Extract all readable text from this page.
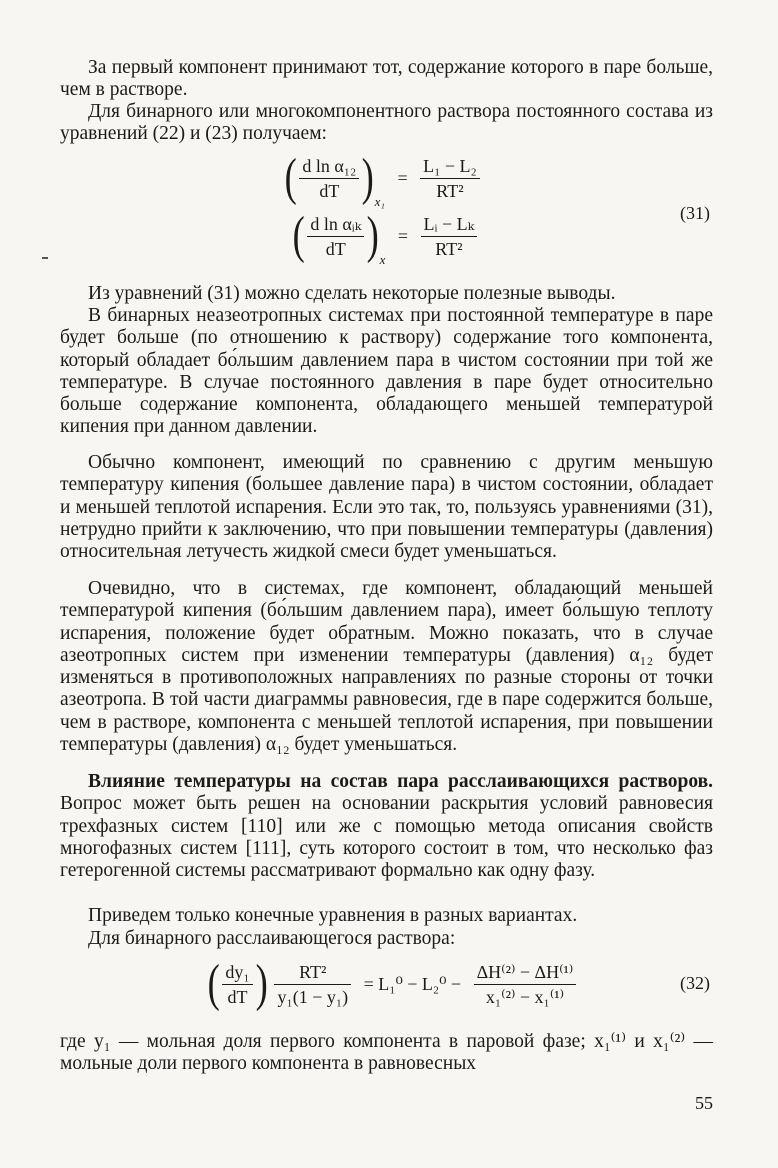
За первый компонент принимают тот, содержание которого в паре больше, чем в растворе.

Для бинарного или многокомпонентного раствора постоянного состава из уравнений (22) и (23) получаем:

( $\frac{\text{d ln α₁₂}}{dT} )_{x_1} = \frac{\text{L₁ − L₂}}{\text{RT²}}$
( $\frac{\text{d ln αᵢₖ}}{dT} )_x = \frac{\text{Lᵢ − Lₖ}}{\text{RT²}}$	(31)

Из уравнений (31) можно сделать некоторые полезные выводы.

В бинарных неазеотропных системах при постоянной температуре в паре будет больше (по отношению к раствору) содержание того компонента, который обладает бо́льшим давлением пара в чистом состоянии при той же температуре. В случае постоянного давления в паре будет относительно больше содержание компонента, обладающего меньшей температурой кипения при данном давлении.

Обычно компонент, имеющий по сравнению с другим меньшую температуру кипения (большее давление пара) в чистом состоянии, обладает и меньшей теплотой испарения. Если это так, то, пользуясь уравнениями (31), нетрудно прийти к заключению, что при повышении температуры (давления) относительная летучесть жидкой смеси будет уменьшаться.

Очевидно, что в системах, где компонент, обладающий меньшей температурой кипения (бо́льшим давлением пара), имеет бо́льшую теплоту испарения, положение будет обратным. Можно показать, что в случае азеотропных систем при изменении температуры (давления) α₁₂ будет изменяться в противоположных направлениях по разные стороны от точки азеотропа. В той части диаграммы равновесия, где в паре содержится больше, чем в растворе, компонента с меньшей теплотой испарения, при повышении температуры (давления) α₁₂ будет уменьшаться.

Влияние температуры на состав пара расслаивающихся растворов. Вопрос может быть решен на основании раскрытия условий равновесия трехфазных систем [110] или же с помощью метода описания свойств многофазных систем [111], суть которого состоит в том, что несколько фаз гетерогенной системы рассматривают формально как одну фазу.

Приведем только конечные уравнения в разных вариантах.

Для бинарного расслаивающегося раствора:

( $\frac{\text{dy₁}}{dT}$ ) $\frac{\text{RT²}}{\text{y₁(1 − y₁)}} = L_1^0 - L_2^0 - \frac{\text{ΔH⁽²⁾ − ΔH⁽¹⁾}}{\text{x₁⁽²⁾ − x₁⁽¹⁾}}$	(32)

где y₁ — мольная доля первого компонента в паровой фазе; x₁⁽¹⁾ и x₁⁽²⁾ — мольные доли первого компонента в равновесных

55
